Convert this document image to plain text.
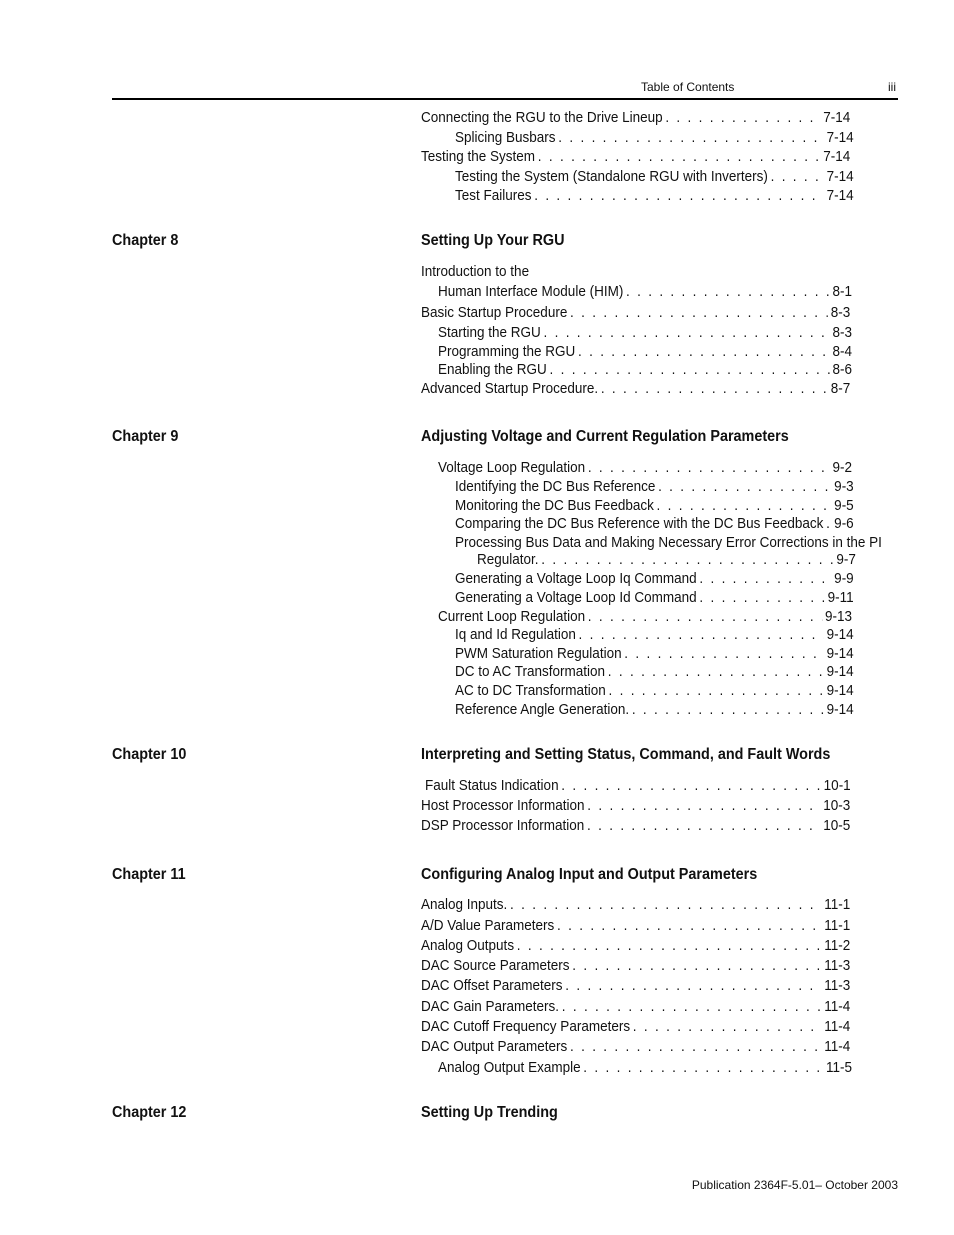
Table of Contents	iii
Connecting the RGU to the Drive Lineup . . .	7-14
Splicing Busbars . . .	7-14
Testing the System . . .	7-14
Testing the System (Standalone RGU with Inverters) . . .	7-14
Test Failures . . .	7-14
Chapter 8	Setting Up Your RGU
Introduction to the
Human Interface Module (HIM) . . .	8-1
Basic Startup Procedure . . .	8-3
Starting the RGU . . .	8-3
Programming the RGU . . .	8-4
Enabling the RGU . . .	8-6
Advanced Startup Procedure. . . .	8-7
Chapter 9	Adjusting Voltage and Current Regulation Parameters
Voltage Loop Regulation . . .	9-2
Identifying the DC Bus Reference . . .	9-3
Monitoring the DC Bus Feedback . . .	9-5
Comparing the DC Bus Reference with the DC Bus Feedback . . . 9-6
Processing Bus Data and Making Necessary Error Corrections in the PI
Regulator. . . .	9-7
Generating a Voltage Loop Iq Command . . .	9-9
Generating a Voltage Loop Id Command . . .	9-11
Current Loop Regulation . . .	9-13
Iq and Id Regulation . . .	9-14
PWM Saturation Regulation . . .	9-14
DC to AC Transformation . . .	9-14
AC to DC Transformation . . .	9-14
Reference Angle Generation. . . .	9-14
Chapter 10	Interpreting and Setting Status, Command, and Fault Words
Fault Status Indication . . .	10-1
Host Processor Information . . .	10-3
DSP Processor Information . . .	10-5
Chapter 11	Configuring Analog Input and Output Parameters
Analog Inputs. . . .	11-1
A/D Value Parameters . . .	11-1
Analog Outputs . . .	11-2
DAC Source Parameters . . .	11-3
DAC Offset Parameters . . .	11-3
DAC Gain Parameters. . . .	11-4
DAC Cutoff Frequency Parameters . . .	11-4
DAC Output Parameters . . .	11-4
Analog Output Example . . .	11-5
Chapter 12	Setting Up Trending
Publication 2364F-5.01– October 2003
